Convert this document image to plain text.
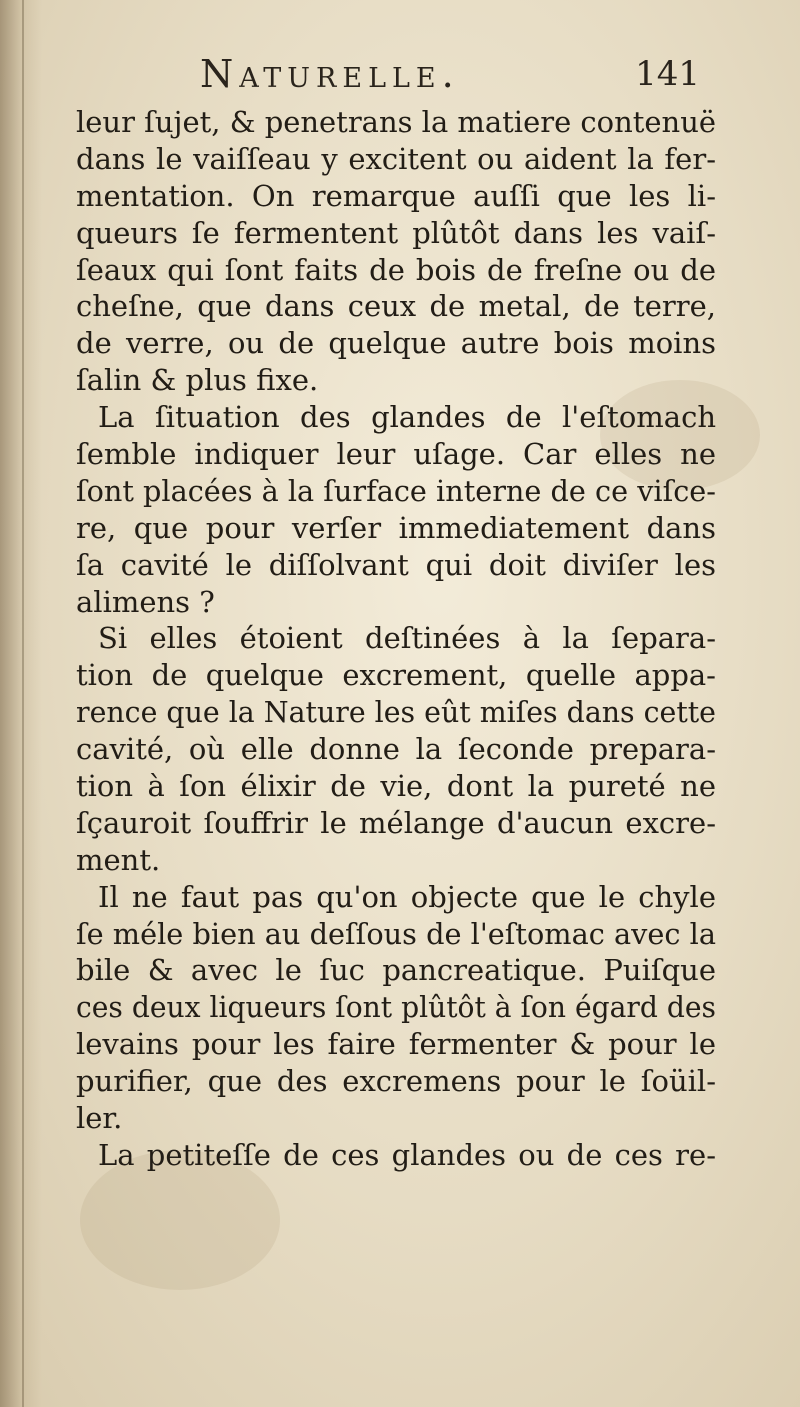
Naturelle.	141
leur ſujet, & penetrans la matiere contenuë
dans le vaiſſeau y excitent ou aident la fer-
mentation. On remarque auſſi que les li-
queurs ſe fermentent plûtôt dans les vaiſ-
ſeaux qui ſont faits de bois de freſne ou de
cheſne, que dans ceux de metal, de terre,
de verre, ou de quelque autre bois moins
ſalin & plus fixe.
La ſituation des glandes de l'eſtomach
ſemble indiquer leur uſage. Car elles ne
ſont placées à la ſurface interne de ce viſce-
re, que pour verſer immediatement dans
ſa cavité le diſſolvant qui doit diviſer les
alimens ?
Si elles étoient deſtinées à la ſepara-
tion de quelque excrement, quelle appa-
rence que la Nature les eût miſes dans cette
cavité, où elle donne la ſeconde prepara-
tion à ſon élixir de vie, dont la pureté ne
ſçauroit ſouffrir le mélange d'aucun excre-
ment.
Il ne faut pas qu'on objecte que le chyle
ſe méle bien au deſſous de l'eſtomac avec la
bile & avec le ſuc pancreatique. Puiſque
ces deux liqueurs ſont plûtôt à ſon égard des
levains pour les faire fermenter & pour le
purifier, que des excremens pour le ſoüil-
ler.
La petiteſſe de ces glandes ou de ces re-
